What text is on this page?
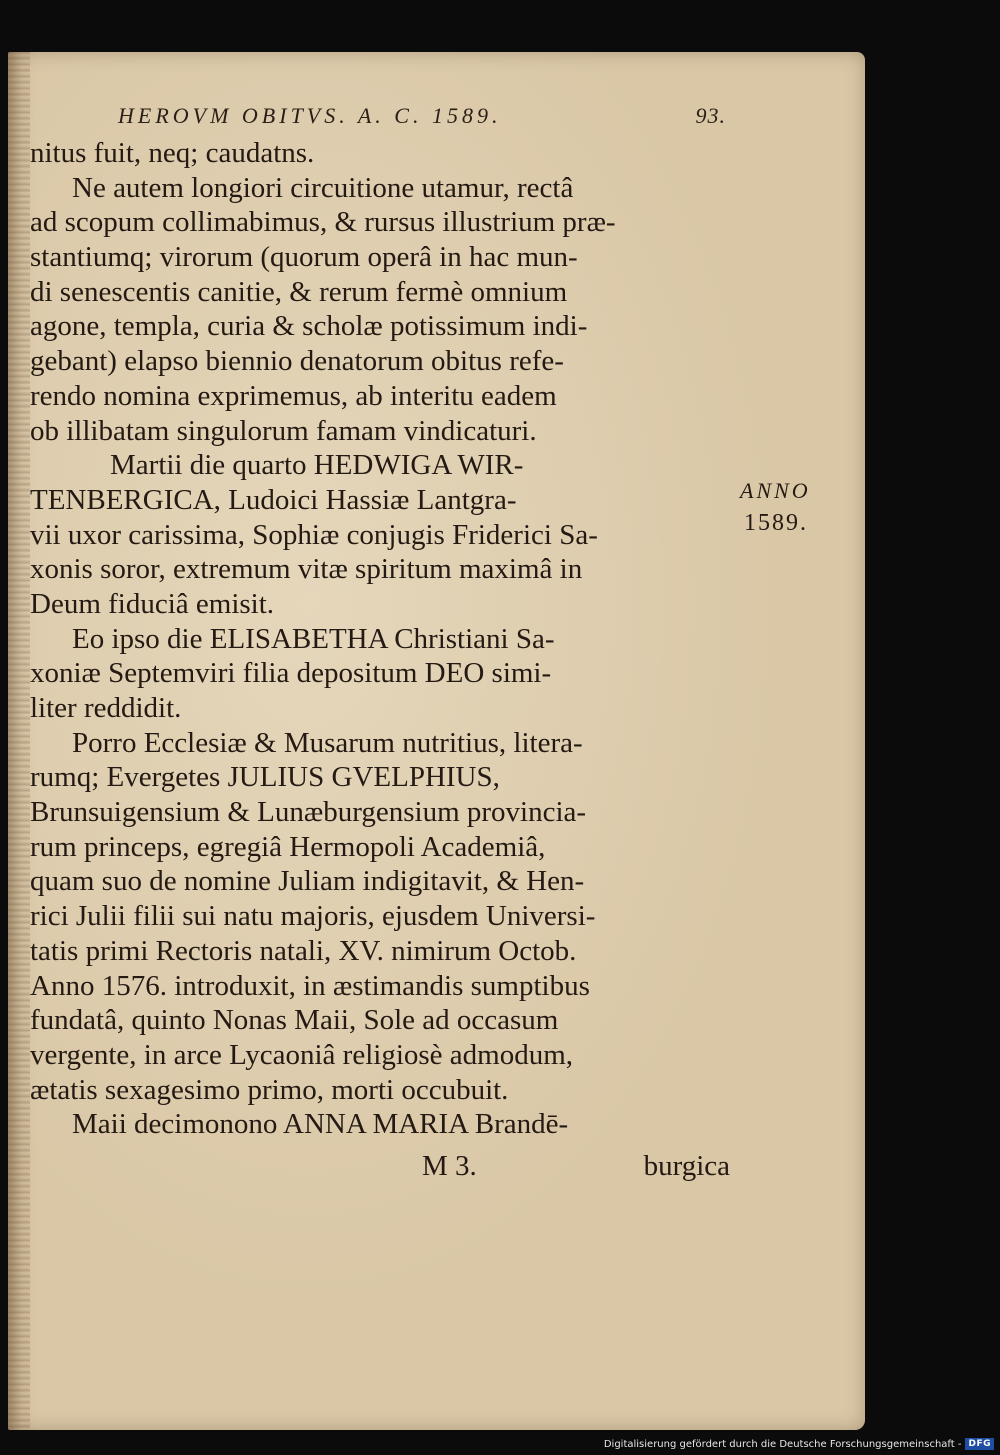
HEROVM OBITVS. A. C. 1589.	93.
nitus fuit, neq; caudatns.
Ne autem longiori circuitione utamur, rectâ
ad scopum collimabimus, & rursus illustrium præ-
stantiumq; virorum (quorum operâ in hac mun-
di senescentis canitie, & rerum fermè omnium
agone, templa, curia & scholæ potissimum indi-
gebant) elapso biennio denatorum obitus refe-
rendo nomina exprimemus, ab interitu eadem
ob illibatam singulorum famam vindicaturi.
Martii die quarto HEDWIGA WIR-
TENBERGICA, Ludoici Hassiæ Lantgra-
vii uxor carissima, Sophiæ conjugis Friderici Sa-
xonis soror, extremum vitæ spiritum maximâ in
Deum fiduciâ emisit.
Eo ipso die ELISABETHA Christiani Sa-
xoniæ Septemviri filia depositum DEO simi-
liter reddidit.
Porro Ecclesiæ & Musarum nutritius, litera-
rumq; Evergetes JULIUS GVELPHIUS,
Brunsuigensium & Lunæburgensium provincia-
rum princeps, egregiâ Hermopoli Academiâ,
quam suo de nomine Juliam indigitavit, & Hen-
rici Julii filii sui natu majoris, ejusdem Universi-
tatis primi Rectoris natali, XV. nimirum Octob.
Anno 1576. introduxit, in æstimandis sumptibus
fundatâ, quinto Nonas Maii, Sole ad occasum
vergente, in arce Lycaoniâ religiosè admodum,
ætatis sexagesimo primo, morti occubuit.
Maii decimonono ANNA MARIA Brandē-
ANNO
1589.
M 3.	burgica
Digitalisierung gefördert durch die Deutsche Forschungsgemeinschaft - DFG
